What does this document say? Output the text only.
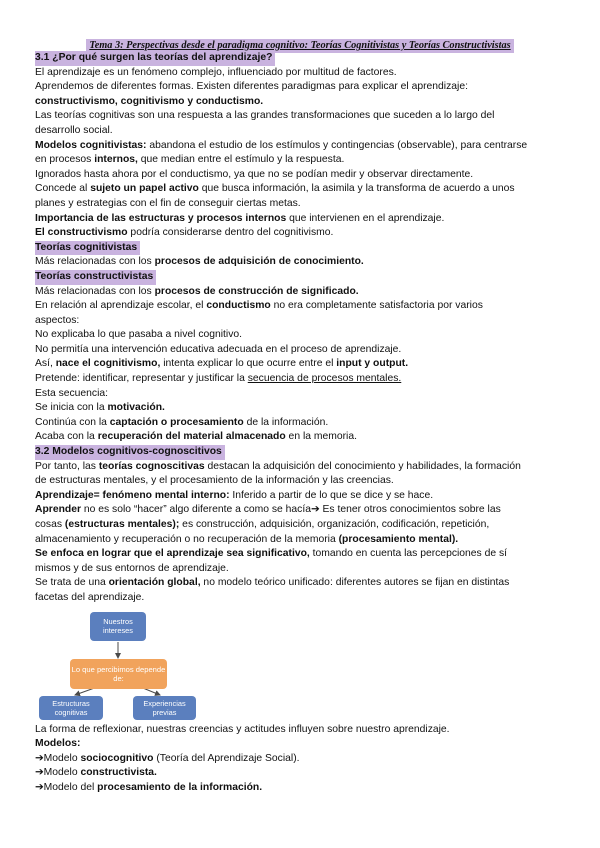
Tema 3: Perspectivas desde el paradigma cognitivo: Teorías Cognitivistas y Teorías Constructivistas
3.1 ¿Por qué surgen las teorías del aprendizaje?

El aprendizaje es un fenómeno complejo, influenciado por multitud de factores.

Aprendemos de diferentes formas. Existen diferentes paradigmas para explicar el aprendizaje:

constructivismo, cognitivismo y conductismo.

Las teorías cognitivas son una respuesta a las grandes transformaciones que suceden a lo largo del

desarrollo social.

Modelos cognitivistas: abandona el estudio de los estímulos y contingencias (observable), para centrarse

en procesos internos, que median entre el estímulo y la respuesta.

Ignorados hasta ahora por el conductismo, ya que no se podían medir y observar directamente.

Concede al sujeto un papel activo que busca información, la asimila y la transforma de acuerdo a unos

planes y estrategias con el fin de conseguir ciertas metas.

Importancia de las estructuras y procesos internos que intervienen en el aprendizaje.

El constructivismo podría considerarse dentro del cognitivismo.

Teorías cognitivistas

Más relacionadas con los procesos de adquisición de conocimiento.

Teorías constructivistas

Más relacionadas con los procesos de construcción de significado.

En relación al aprendizaje escolar, el conductismo no era completamente satisfactoria por varios

aspectos:

No explicaba lo que pasaba a nivel cognitivo.

No permitía una intervención educativa adecuada en el proceso de aprendizaje.

Así, nace el cognitivismo, intenta explicar lo que ocurre entre el input y output.

Pretende: identificar, representar y justificar la secuencia de procesos mentales.

Esta secuencia:

Se inicia con la motivación.

Continúa con la captación o procesamiento de la información.

Acaba con la recuperación del material almacenado en la memoria.

3.2 Modelos cognitivos-cognoscitivos

Por tanto, las teorías cognoscitivas destacan la adquisición del conocimiento y habilidades, la formación

de estructuras mentales, y el procesamiento de la información y las creencias.

Aprendizaje= fenómeno mental interno: Inferido a partir de lo que se dice y se hace.

Aprender no es solo “hacer” algo diferente a como se hacía➔ Es tener otros conocimientos sobre las

cosas (estructuras mentales); es construcción, adquisición, organización, codificación, repetición,

almacenamiento y recuperación o no recuperación de la memoria (procesamiento mental).

Se enfoca en lograr que el aprendizaje sea significativo, tomando en cuenta las percepciones de sí

mismos y de sus entornos de aprendizaje.

Se trata de una orientación global, no modelo teórico unificado: diferentes autores se fijan en distintas

facetas del aprendizaje.

Nuestros intereses
Lo que percibimos depende de:
Estructuras cognitivas
Experiencias previas

La forma de reflexionar, nuestras creencias y actitudes influyen sobre nuestro aprendizaje.

Modelos:

➔Modelo sociocognitivo (Teoría del Aprendizaje Social).

➔Modelo constructivista.

➔Modelo del procesamiento de la información.
